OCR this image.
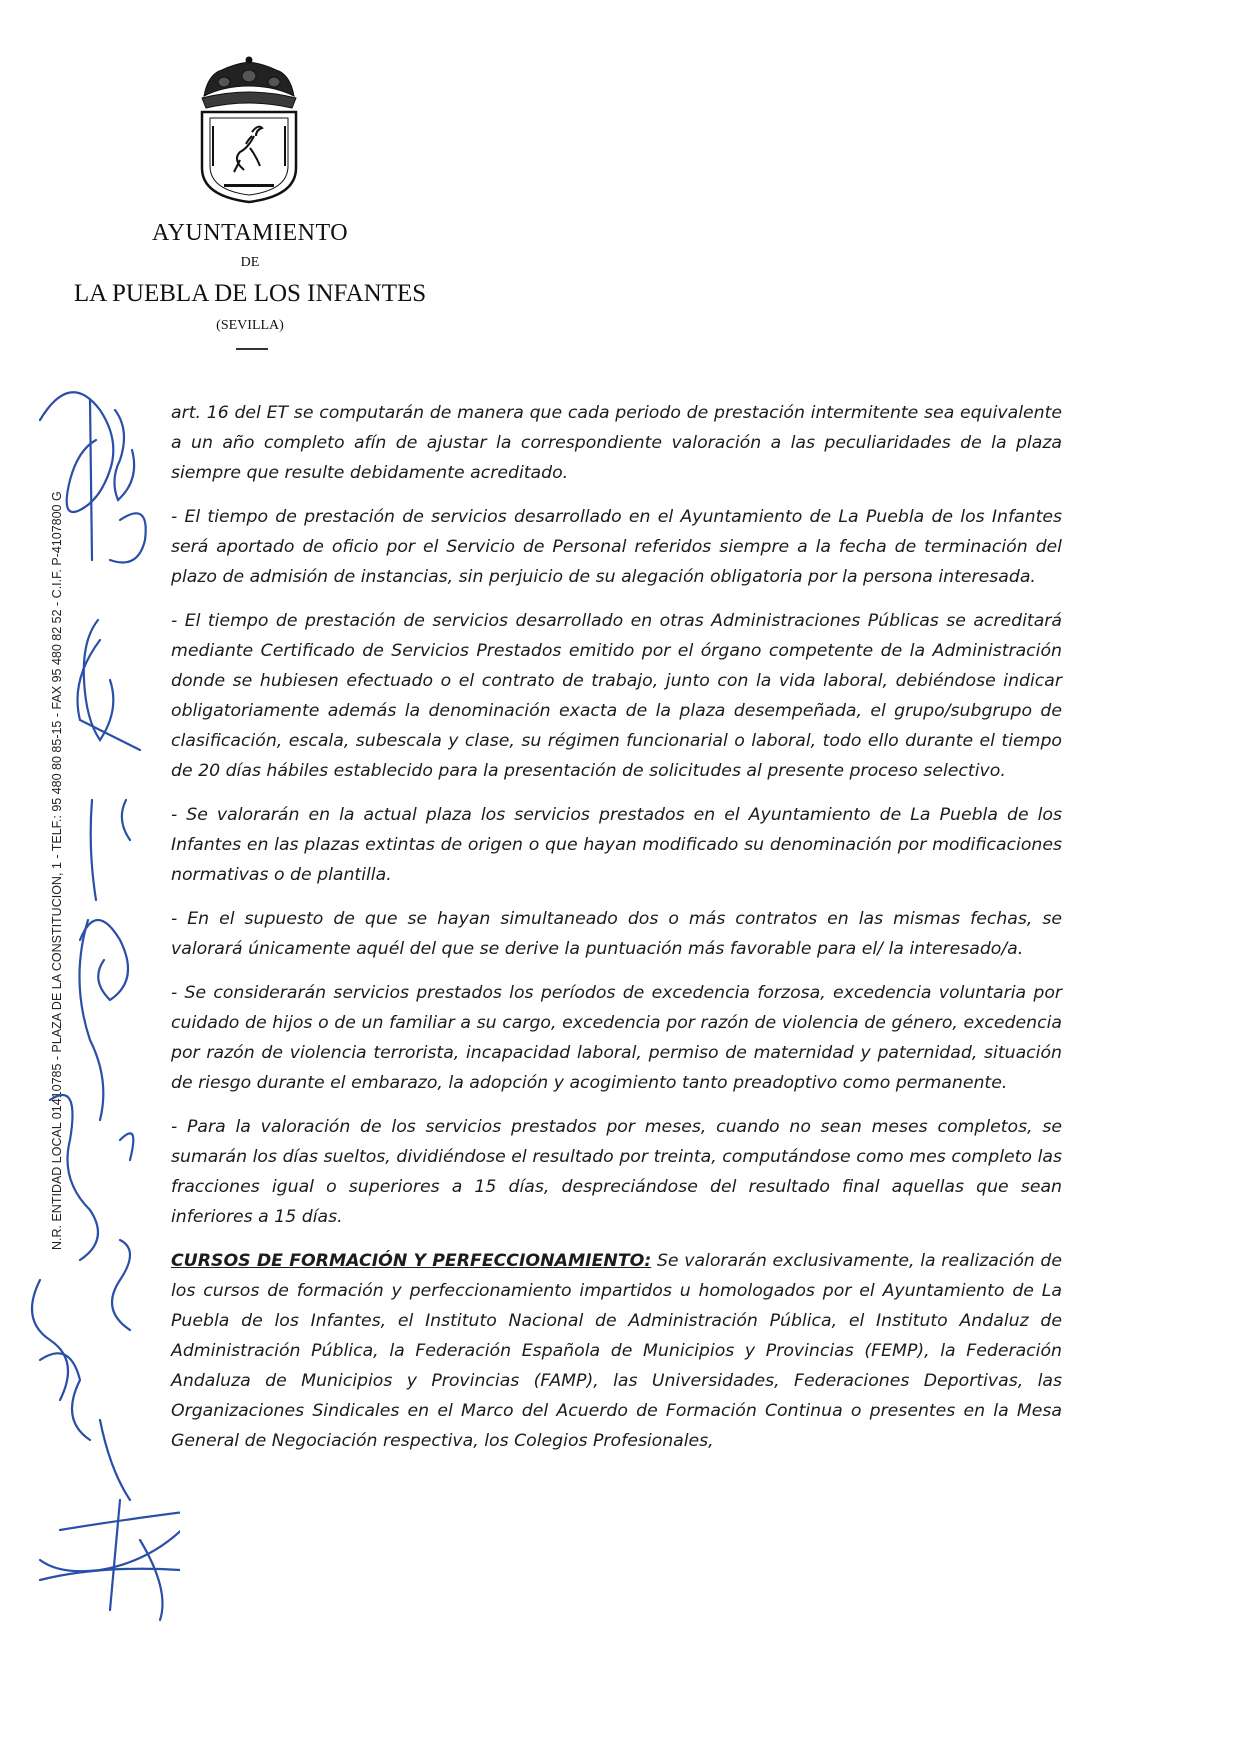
AYUNTAMIENTO
DE
LA PUEBLA DE LOS INFANTES
(SEVILLA)
N.R. ENTIDAD LOCAL 01410785 - PLAZA DE LA CONSTITUCION, 1 - TELF.: 95 480 80 85-15 - FAX 95 480 82 52 - C.I.F. P-4107800 G

art. 16 del ET se computarán de manera que cada periodo de prestación intermitente sea equivalente a un año completo afín de ajustar la correspondiente valoración a las peculiaridades de la plaza siempre que resulte debidamente acreditado.

- El tiempo de prestación de servicios desarrollado en el Ayuntamiento de La Puebla de los Infantes será aportado de oficio por el Servicio de Personal referidos siempre a la fecha de terminación del plazo de admisión de instancias, sin perjuicio de su alegación obligatoria por la persona interesada.

- El tiempo de prestación de servicios desarrollado en otras Administraciones Públicas se acreditará mediante Certificado de Servicios Prestados emitido por el órgano competente de la Administración donde se hubiesen efectuado o el contrato de trabajo, junto con la vida laboral, debiéndose indicar obligatoriamente además la denominación exacta de la plaza desempeñada, el grupo/subgrupo de clasificación, escala, subescala y clase, su régimen funcionarial o laboral, todo ello durante el tiempo de 20 días hábiles establecido para la presentación de solicitudes al presente proceso selectivo.

- Se valorarán en la actual plaza los servicios prestados en el Ayuntamiento de La Puebla de los Infantes en las plazas extintas de origen o que hayan modificado su denominación por modificaciones normativas o de plantilla.

- En el supuesto de que se hayan simultaneado dos o más contratos en las mismas fechas, se valorará únicamente aquél del que se derive la puntuación más favorable para el/ la interesado/a.

- Se considerarán servicios prestados los períodos de excedencia forzosa, excedencia voluntaria por cuidado de hijos o de un familiar a su cargo, excedencia por razón de violencia de género, excedencia por razón de violencia terrorista, incapacidad laboral, permiso de maternidad y paternidad, situación de riesgo durante el embarazo, la adopción y acogimiento tanto preadoptivo como permanente.

- Para la valoración de los servicios prestados por meses, cuando no sean meses completos, se sumarán los días sueltos, dividiéndose el resultado por treinta, computándose como mes completo las fracciones igual o superiores a 15 días, despreciándose del resultado final aquellas que sean inferiores a 15 días.

CURSOS DE FORMACIÓN Y PERFECCIONAMIENTO: Se valorarán exclusivamente, la realización de los cursos de formación y perfeccionamiento impartidos u homologados por el Ayuntamiento de La Puebla de los Infantes, el Instituto Nacional de Administración Pública, el Instituto Andaluz de Administración Pública, la Federación Española de Municipios y Provincias (FEMP), la Federación Andaluza de Municipios y Provincias (FAMP), las Universidades, Federaciones Deportivas, las Organizaciones Sindicales en el Marco del Acuerdo de Formación Continua o presentes en la Mesa General de Negociación respectiva, los Colegios Profesionales,
